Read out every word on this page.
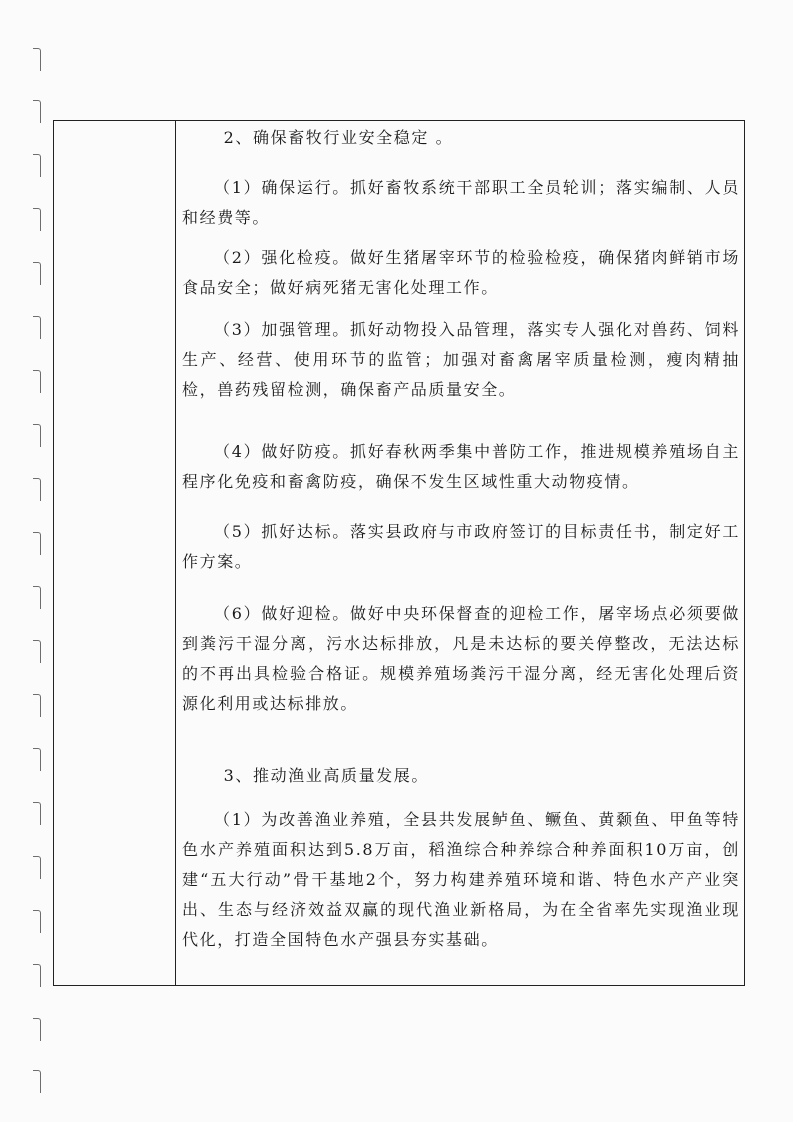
2、确保畜牧行业安全稳定 。

（1）确保运行。抓好畜牧系统干部职工全员轮训；落实编制、人员和经费等。

（2）强化检疫。做好生猪屠宰环节的检验检疫，确保猪肉鲜销市场食品安全；做好病死猪无害化处理工作。

（3）加强管理。抓好动物投入品管理，落实专人强化对兽药、饲料生产、经营、使用环节的监管；加强对畜禽屠宰质量检测，瘦肉精抽检，兽药残留检测，确保畜产品质量安全。

（4）做好防疫。抓好春秋两季集中普防工作，推进规模养殖场自主程序化免疫和畜禽防疫，确保不发生区域性重大动物疫情。

（5）抓好达标。落实县政府与市政府签订的目标责任书，制定好工作方案。

（6）做好迎检。做好中央环保督查的迎检工作，屠宰场点必须要做到粪污干湿分离，污水达标排放，凡是未达标的要关停整改，无法达标的不再出具检验合格证。规模养殖场粪污干湿分离，经无害化处理后资源化利用或达标排放。

3、推动渔业高质量发展。

（1）为改善渔业养殖，全县共发展鲈鱼、鳜鱼、黄颡鱼、甲鱼等特色水产养殖面积达到5.8万亩，稻渔综合种养综合种养面积10万亩，创建“五大行动”骨干基地2个，努力构建养殖环境和谐、特色水产产业突出、生态与经济效益双赢的现代渔业新格局，为在全省率先实现渔业现代化，打造全国特色水产强县夯实基础。
